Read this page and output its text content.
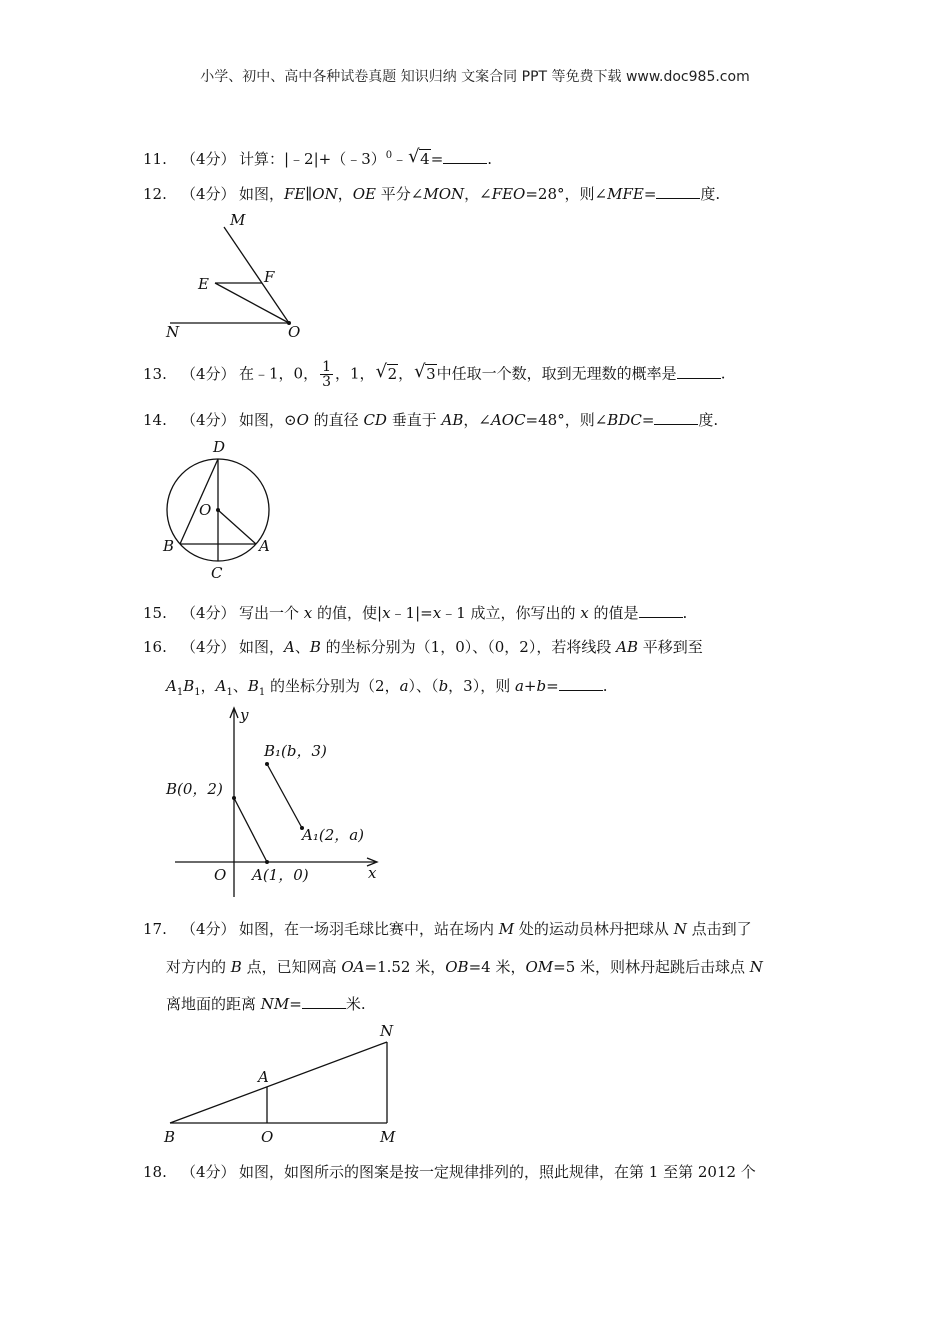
小学、初中、高中各种试卷真题 知识归纳 文案合同 PPT 等免费下载 www.doc985.com
11. （4分） 计算：|﹣2|+（﹣3）$^0$﹣ √ 4=	.
12. （4分） 如图，FE∥ON，OE 平分∠MON，∠FEO=28°，则∠MFE=	度.
M
E	F
N	O
13. （4分） 在﹣1，0， $\frac{1}{3}$ ，1， √ 2， √ 3中任取一个数，取到无理数的概率是	.
14. （4分） 如图，⊙O 的直径 CD 垂直于 AB，∠AOC=48°，则∠BDC=	度.
D
O
B	A
C
15. （4分） 写出一个 x 的值，使|x﹣1|=x﹣1 成立，你写出的 x 的值是	.
16. （4分） 如图，A、B 的坐标分别为（1，0）、（0，2），若将线段 AB 平移到至
$A_1B_1$，$A_1$、$B_1$ 的坐标分别为（2，a）、（b，3），则 a+b=	.
y
x
O
B(0，2)
A(1，0)
B₁(b，3)
A₁(2，a)
17. （4分） 如图，在一场羽毛球比赛中，站在场内 M 处的运动员林丹把球从 N 点击到了
对方内的 B 点，已知网高 OA=1.52 米，OB=4 米，OM=5 米，则林丹起跳后击球点 N
离地面的距离 NM=	米.
N
A
B	O	M
18. （4分） 如图，如图所示的图案是按一定规律排列的，照此规律，在第 1 至第 2012 个
